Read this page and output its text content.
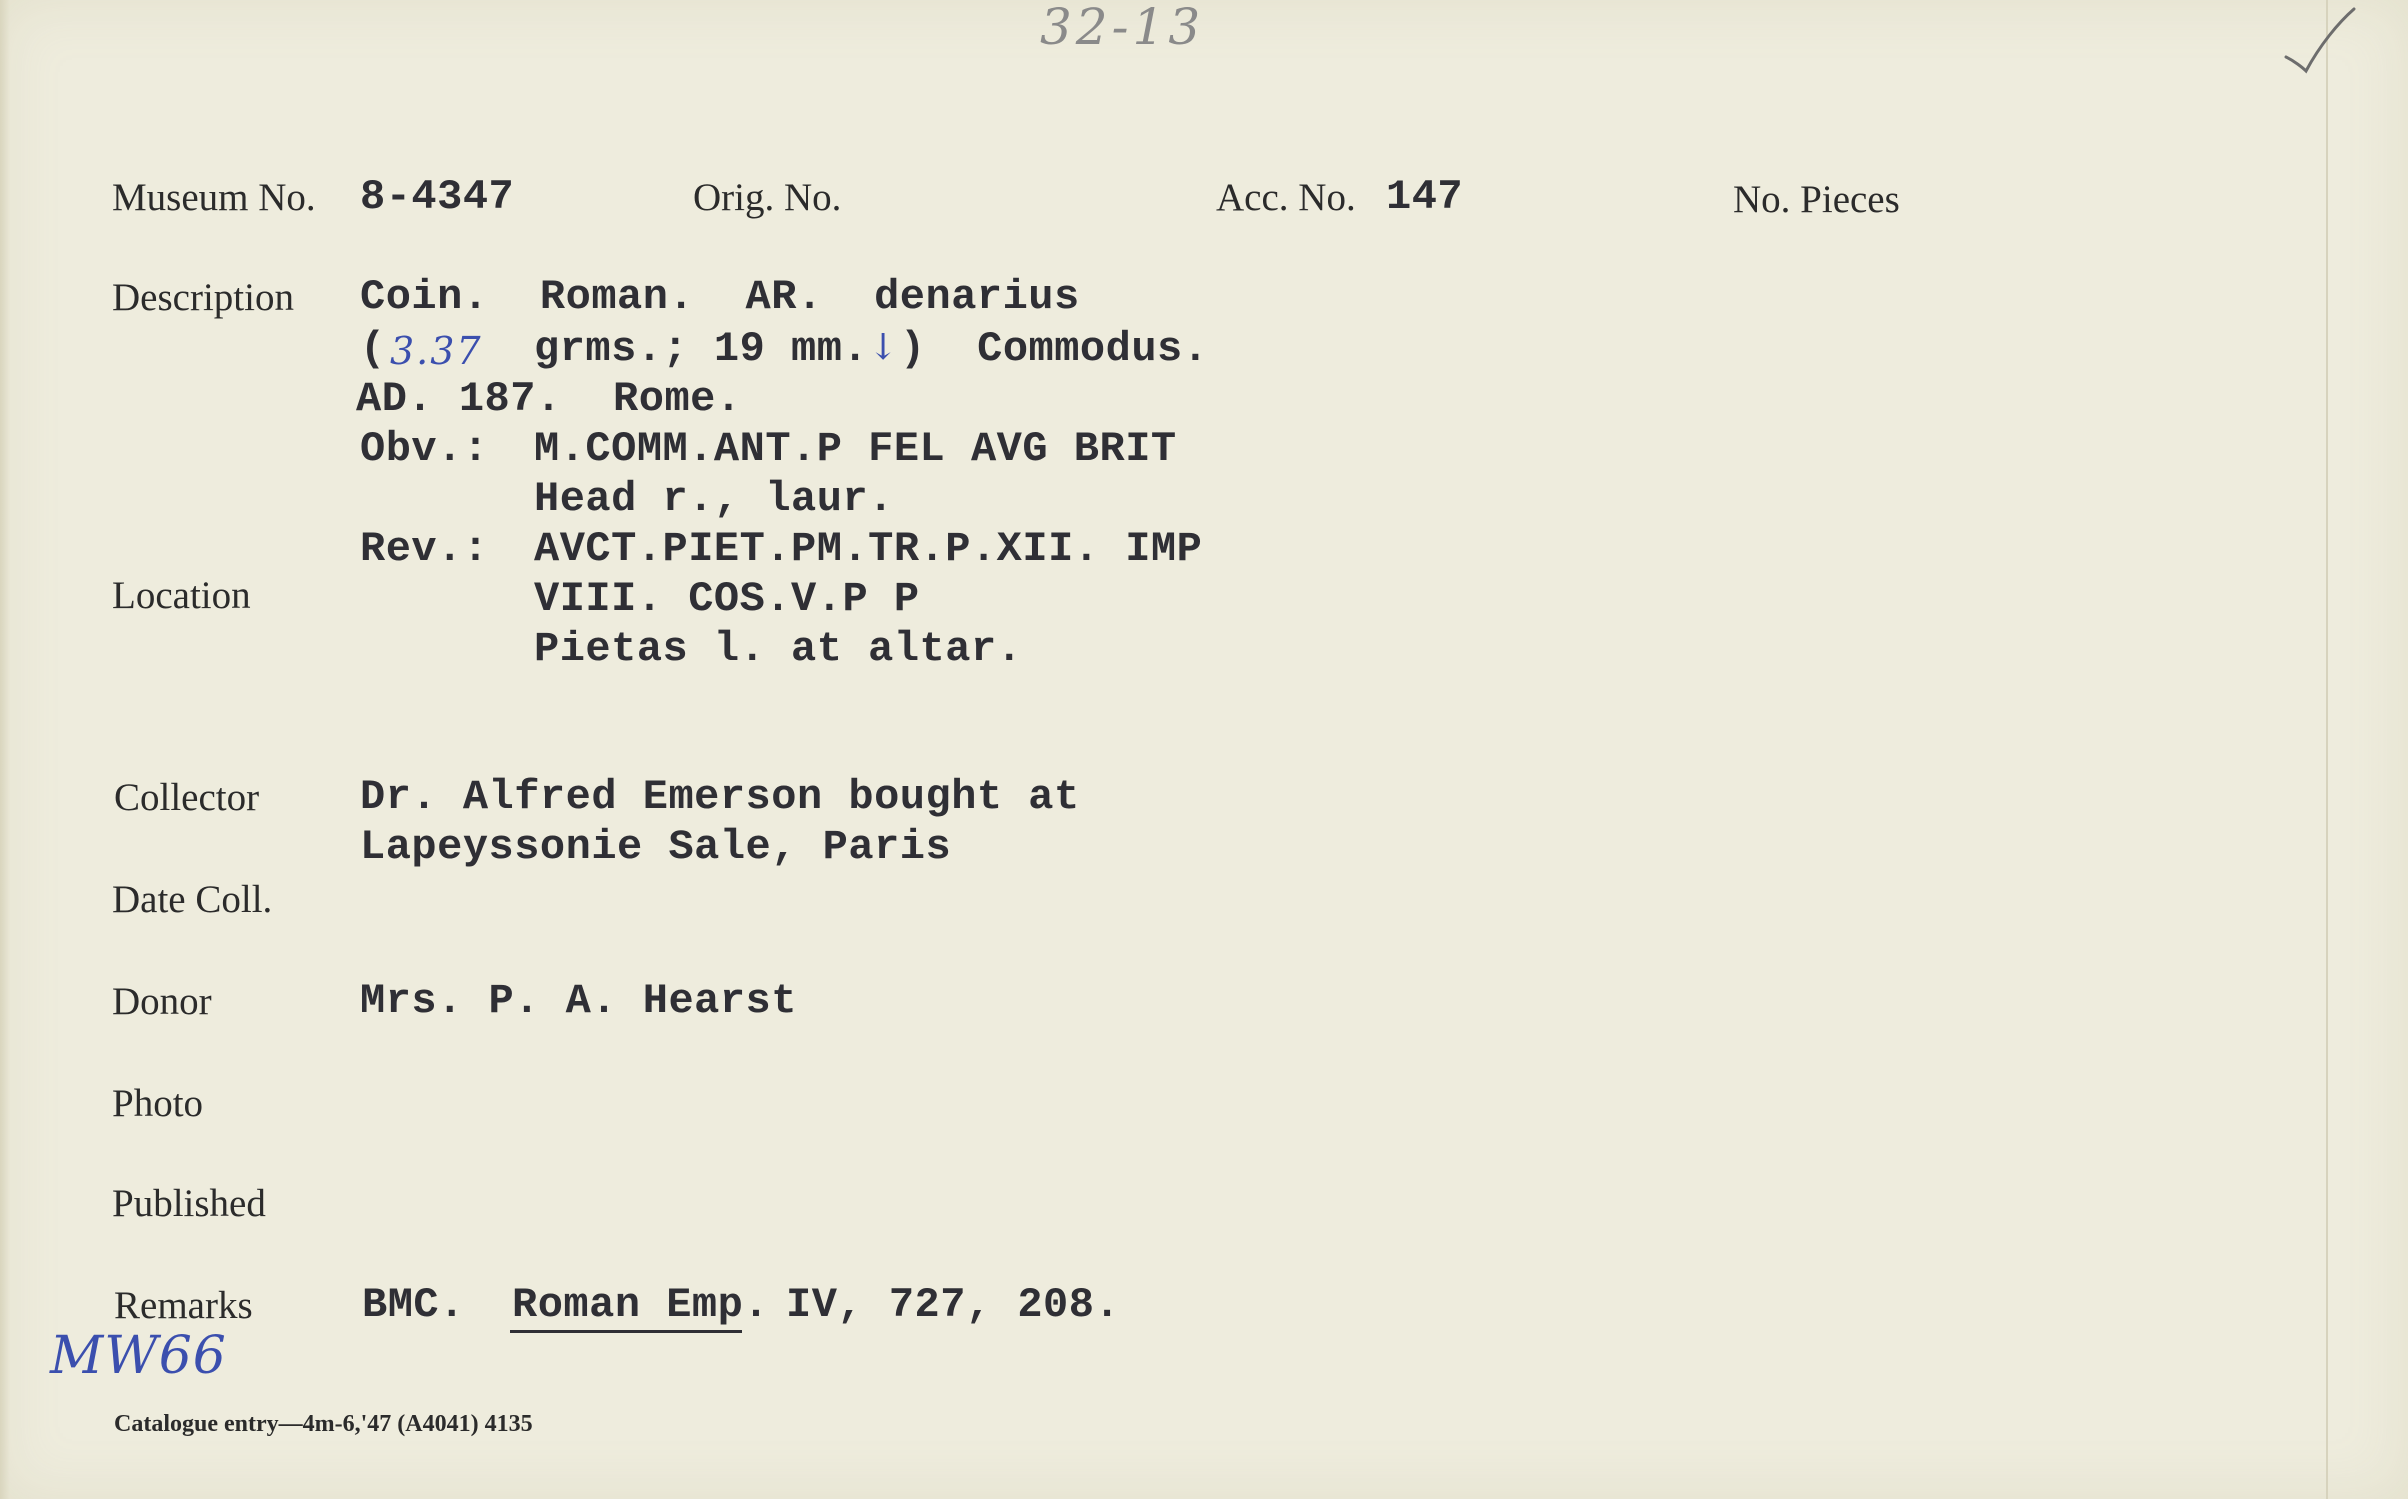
32-13
Museum No. 8-4347	Orig. No.	Acc. No. 147	No. Pieces
Description Coin.  Roman.  AR.  denarius
( 3.37 grms.; 19 mm. ↓ )  Commodus.
AD. 187.  Rome.
Obv.: M.COMM.ANT.P FEL AVG BRIT
Head r., laur.
Rev.: AVCT.PIET.PM.TR.P.XII. IMP
VIII. COS.V.P P
Pietas l. at altar.
Location
Collector Dr. Alfred Emerson bought at
Lapeyssonie Sale, Paris
Date Coll.
Donor	Mrs. P. A. Hearst
Photo
Published
Remarks	BMC. Roman Emp. IV, 727, 208.
MW66
Catalogue entry—4m-6,'47 (A4041) 4135
